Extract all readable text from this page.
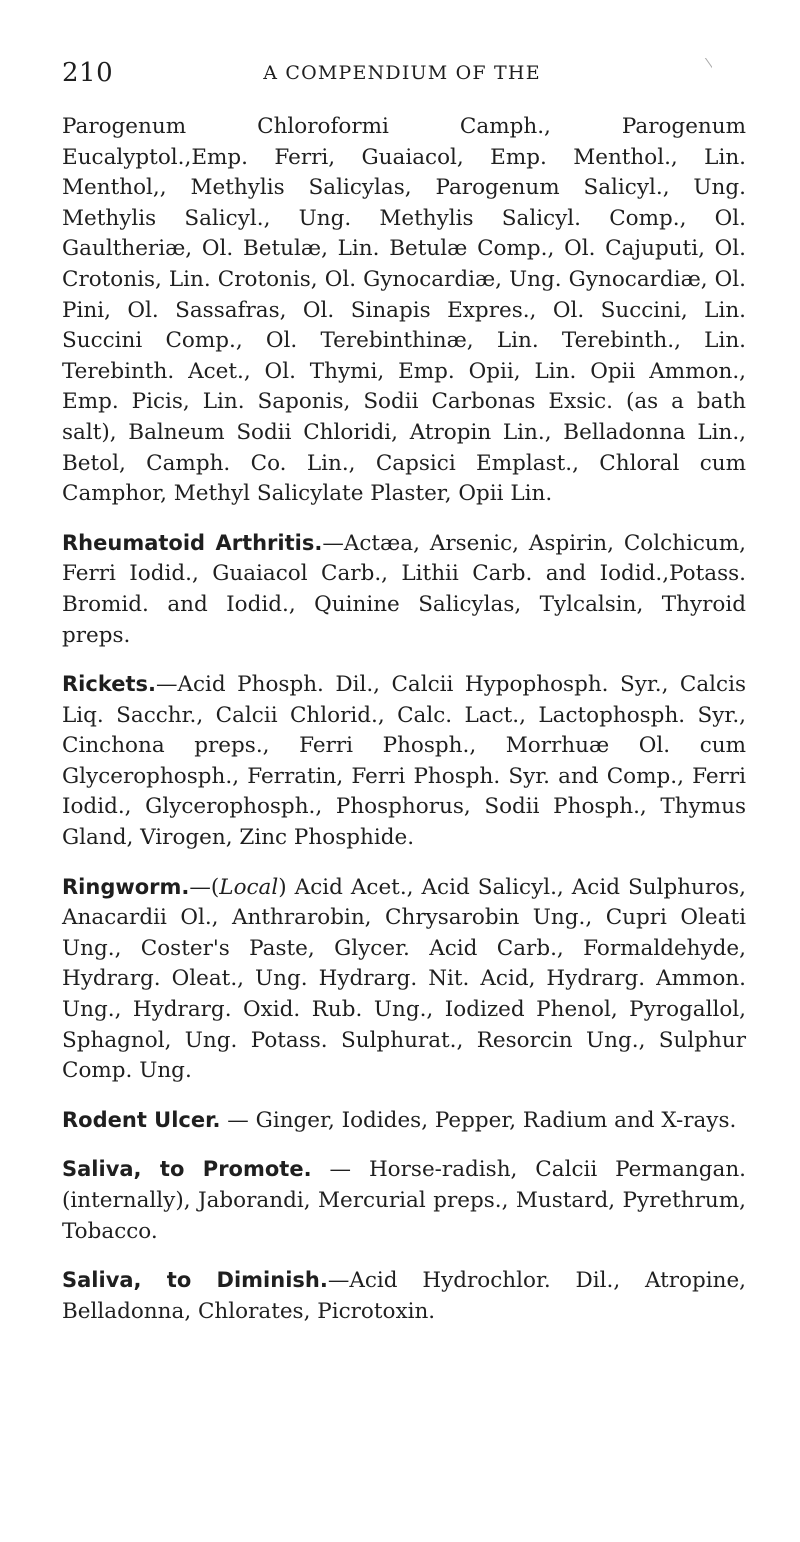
210	A COMPENDIUM OF THE

Parogenum Chloroformi Camph., Parogenum Eucalyptol.,Emp. Ferri, Guaiacol, Emp. Menthol., Lin. Menthol,, Methylis Salicylas, Parogenum Salicyl., Ung. Methylis Salicyl., Ung. Methylis Salicyl. Comp., Ol. Gaultheriæ, Ol. Betulæ, Lin. Betulæ Comp., Ol. Cajuputi, Ol. Crotonis, Lin. Crotonis, Ol. Gynocardiæ, Ung. Gynocardiæ, Ol. Pini, Ol. Sassafras, Ol. Sinapis Expres., Ol. Succini, Lin. Succini Comp., Ol. Terebinthinæ, Lin. Terebinth., Lin. Terebinth. Acet., Ol. Thymi, Emp. Opii, Lin. Opii Ammon., Emp. Picis, Lin. Saponis, Sodii Carbonas Exsic. (as a bath salt), Balneum Sodii Chloridi, Atropin Lin., Belladonna Lin., Betol, Camph. Co. Lin., Capsici Emplast., Chloral cum Camphor, Methyl Salicylate Plaster, Opii Lin.

Rheumatoid Arthritis.—Actæa, Arsenic, Aspirin, Colchicum, Ferri Iodid., Guaiacol Carb., Lithii Carb. and Iodid.,Potass. Bromid. and Iodid., Quinine Salicylas, Tylcalsin, Thyroid preps.

Rickets.—Acid Phosph. Dil., Calcii Hypophosph. Syr., Calcis Liq. Sacchr., Calcii Chlorid., Calc. Lact., Lactophosph. Syr., Cinchona preps., Ferri Phosph., Morrhuæ Ol. cum Glycerophosph., Ferratin, Ferri Phosph. Syr. and Comp., Ferri Iodid., Glycerophosph., Phosphorus, Sodii Phosph., Thymus Gland, Virogen, Zinc Phosphide.

Ringworm.—(Local) Acid Acet., Acid Salicyl., Acid Sulphuros, Anacardii Ol., Anthrarobin, Chrysarobin Ung., Cupri Oleati Ung., Coster's Paste, Glycer. Acid Carb., Formaldehyde, Hydrarg. Oleat., Ung. Hydrarg. Nit. Acid, Hydrarg. Ammon. Ung., Hydrarg. Oxid. Rub. Ung., Iodized Phenol, Pyrogallol, Sphagnol, Ung. Potass. Sulphurat., Resorcin Ung., Sulphur Comp. Ung.

Rodent Ulcer. — Ginger, Iodides, Pepper, Radium and X-rays.

Saliva, to Promote. — Horse-radish, Calcii Permangan. (internally), Jaborandi, Mercurial preps., Mustard, Pyrethrum, Tobacco.

Saliva, to Diminish.—Acid Hydrochlor. Dil., Atropine, Belladonna, Chlorates, Picrotoxin.
